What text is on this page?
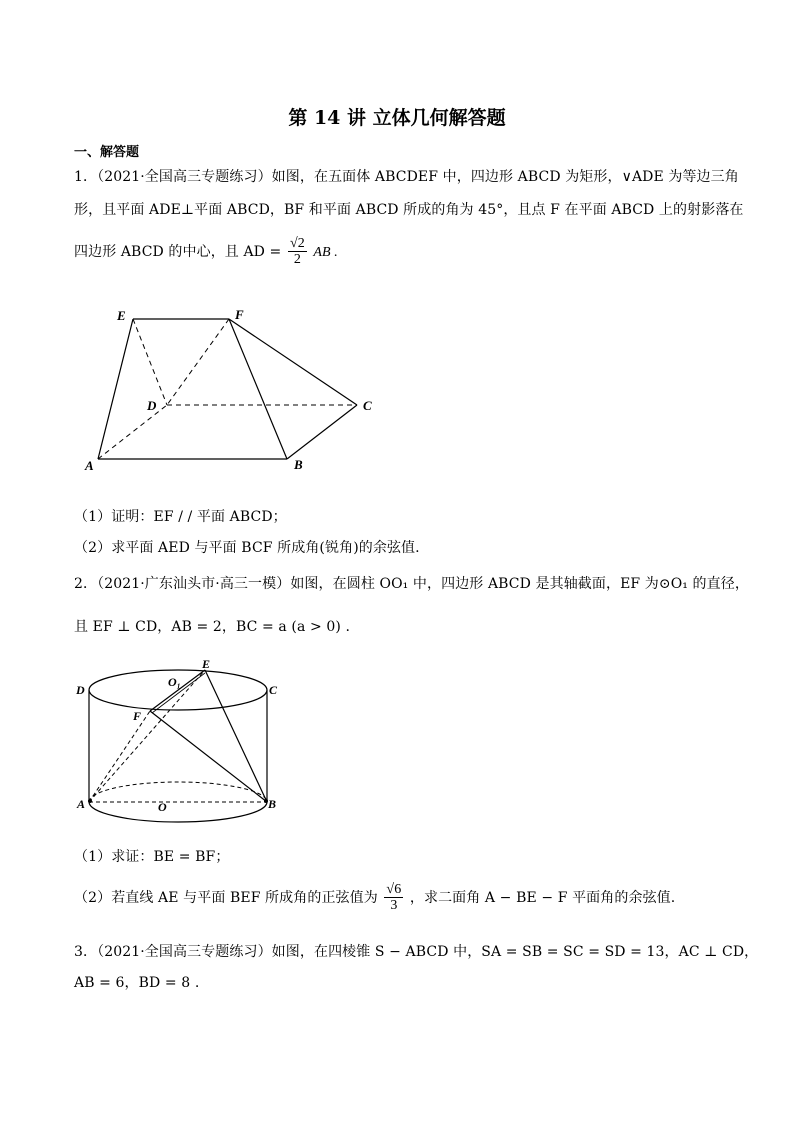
第 14 讲 立体几何解答题
一、解答题
1．（2021·全国高三专题练习）如图，在五面体 ABCDEF 中，四边形 ABCD 为矩形，∨ADE 为等边三角
形，且平面 ADE⊥平面 ABCD，BF 和平面 ABCD 所成的角为 45°，且点 F 在平面 ABCD 上的射影落在
四边形 ABCD 的中心，且 AD = $\frac{√2}{2}$ AB .
E	F
D	C
A	B
（1）证明：EF / / 平面 ABCD；
（2）求平面 AED 与平面 BCF 所成角(锐角)的余弦值.
2．（2021·广东汕头市·高三一模）如图，在圆柱 OO₁ 中，四边形 ABCD 是其轴截面，EF 为⊙O₁ 的直径，
且 EF ⊥ CD，AB = 2，BC = a (a > 0) .
E
O₁
D	C
F
A	O	B
（1）求证：BE = BF；
（2）若直线 AE 与平面 BEF 所成角的正弦值为 $\frac{√6}{3}$ ，求二面角 A − BE − F 平面角的余弦值.
3．（2021·全国高三专题练习）如图，在四棱锥 S − ABCD 中，SA = SB = SC = SD = 13，AC ⊥ CD，
AB = 6，BD = 8 .
